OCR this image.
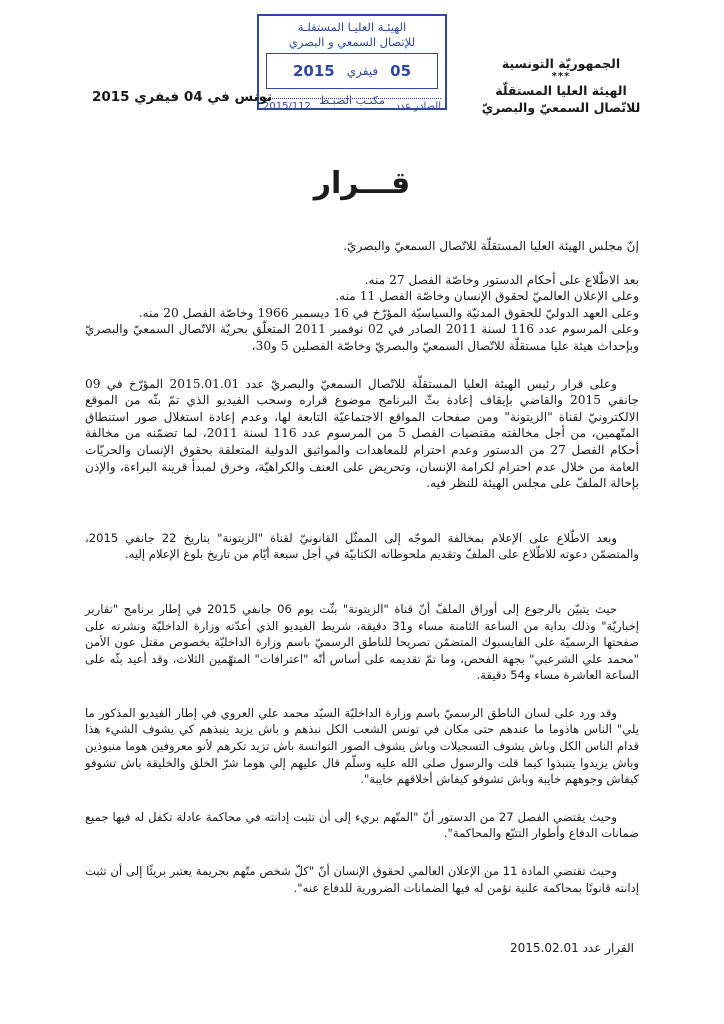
الجمهوريّة التونسية
***
الهيئة العليا المستقلّة
للاتّصال السمعيّ والبصريّ
الهيئـة العليـا المستقلـة
للإتصال السمعي و البصري
05
فيفري
2015
مكتـب الضبـط
2015/112	الصادر عدد
تونس في 04 فيفري 2015
قـــرار

إنّ مجلس الهيئة العليا المستقلّة للاتّصال السمعيّ والبصريّ.

بعد الاطّلاع على أحكام الدستور وخاصّة الفصل 27 منه.

وعلى الإعلان العالميّ لحقوق الإنسان وخاصّة الفصل 11 منه.

وعلى العهد الدوليّ للحقوق المدنيّة والسياسيّة المؤرّخ في 16 ديسمبر 1966 وخاصّة الفصل 20 منه.

وعلى المرسوم عدد 116 لسنة 2011 الصادر في 02 نوفمبر 2011 المتعلّق بحريّة الاتّصال السمعيّ والبصريّ وبإحداث هيئة عليا مستقلّة للاتّصال السمعيّ والبصريّ وخاصّة الفصلين 5 و30،

وعلى قرار رئيس الهيئة العليا المستقلّة للاتّصال السمعيّ والبصريّ عدد 2015.01.01 المؤرّخ في 09 جانفي 2015 والقاضي بإيقاف إعادة بثّ البرنامج موضوع قراره وسحب الفيديو الذي تمّ بثّه من الموقع الالكترونيّ لقناة "الزيتونة" ومن صفحات المواقع الاجتماعيّة التابعة لها، وعدم إعادة استغلال صور استنطاق المتّهمين، من أجل مخالفته مقتضيات الفصل 5 من المرسوم عدد 116 لسنة 2011، لما تضمّنه من مخالفة أحكام الفصل 27 من الدستور وعدم احترام للمعاهدات والمواثيق الدولية المتعلقة بحقوق الإنسان والحريّات العامة من خلال عدم احترام لكرامة الإنسان، وتحريض على العنف والكراهيّة، وخرق لمبدأ قرينة البراءة، والإذن بإحالة الملفّ على مجلس الهيئة للنظر فيه.

وبعد الاطّلاع على الإعلام بمخالفة الموجّه إلى الممثّل القانونيّ لقناة "الزيتونة" بتاريخ 22 جانفي 2015، والمتضمّن دعوته للاطّلاع على الملفّ وتقديم ملحوظاته الكتابيّة في أجل سبعة أيّام من تاريخ بلوغ الإعلام إليه.

حيث يتبيّن بالرجوع إلى أوراق الملفّ أنّ قناة "الزيتونة" بثّت يوم 06 جانفي 2015 في إطار برنامج "تقارير إخباريّة" وذلك بداية من الساعة الثامنة مساء و31 دقيقة، شريط الفيديو الذي أعدّته وزارة الداخليّة ونشرته على صفحتها الرسميّة على الفايسبوك المتضمّن تصريحا للناطق الرسميّ باسم وزارة الداخليّة بخصوص مقتل عون الأمن "محمد علي الشرعبي" بجهة الفحص، وما تمّ تقديمه على أساس أنّه "اعترافات" المتهّمين الثلاث، وقد أعيد بثّه على الساعة العاشرة مساء و54 دقيقة.

وقد ورد على لسان الناطق الرسميّ باسم وزارة الداخليّة السيّد محمد علي العروي في إطار الفيديو المذكور ما يلي" الناس هاذوما ما عندهم حتى مكان في تونس الشعب الكل نبذهم و باش يزيد ينبذهم كي يشوف الشيء هذا قدام الناس الكل وباش يشوف التسجيلات وباش يشوف الصور التوانسة باش تزيد تكرهم لأنو معروفين هوما منبوذين وباش يزيدوا يتنبذوا كيما قلت والرسول صلى الله عليه وسلّم قال عليهم إلي هوما شرّ الخلق والخليقة باش تشوفو كيفاش وجوههم خايبة وباش تشوفو كيفاش أخلاقهم خايبة".

وحيث يقتضي الفصل 27 من الدستور أنّ "المتّهم بريء إلى أن تثبت إدانته في محاكمة عادلة تكفل له فيها جميع ضمانات الدفاع وأطوار التتبّع والمحاكمة".

وحيث تقتضي المادة 11 من الإعلان العالمي لحقوق الإنسان أنّ "كلّ شخص متّهم بجريمة يعتبر بريئًا إلى أن تثبت إدانته قانونًا بمحاكمة علنية تؤمن له فيها الضمانات الضرورية للدفاع عنه".

القرار عدد 2015.02.01
